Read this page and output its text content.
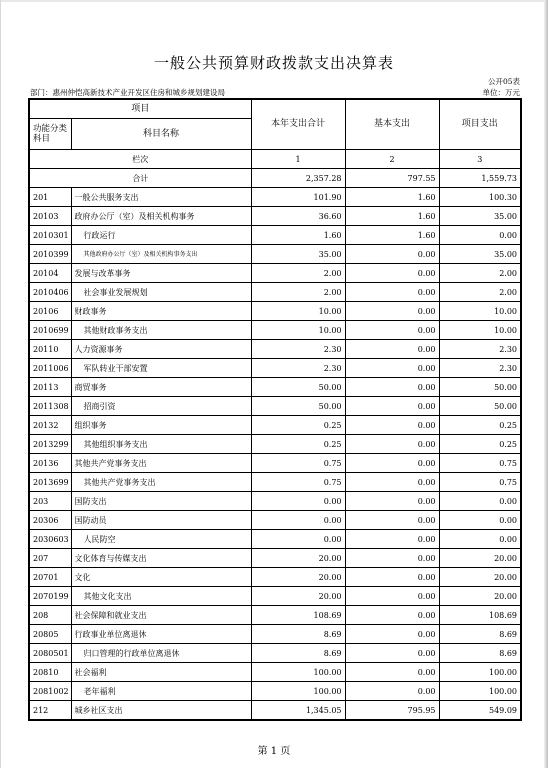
一般公共预算财政拨款支出决算表
公开05表
部门：惠州仲恺高新技术产业开发区住房和城乡规划建设局	单位：万元
项目		本年支出合计	基本支出	项目支出
功能分类科目	科目名称			
栏次		1	2	3
合计		2,357.28	797.55	1,559.73
201	一般公共服务支出	101.90	1.60	100.30
20103	政府办公厅（室）及相关机构事务	36.60	1.60	35.00
2010301	行政运行	1.60	1.60	0.00
2010399	其他政府办公厅（室）及相关机构事务支出	35.00	0.00	35.00
20104	发展与改革事务	2.00	0.00	2.00
2010406	社会事业发展规划	2.00	0.00	2.00
20106	财政事务	10.00	0.00	10.00
2010699	其他财政事务支出	10.00	0.00	10.00
20110	人力资源事务	2.30	0.00	2.30
2011006	军队转业干部安置	2.30	0.00	2.30
20113	商贸事务	50.00	0.00	50.00
2011308	招商引资	50.00	0.00	50.00
20132	组织事务	0.25	0.00	0.25
2013299	其他组织事务支出	0.25	0.00	0.25
20136	其他共产党事务支出	0.75	0.00	0.75
2013699	其他共产党事务支出	0.75	0.00	0.75
203	国防支出	0.00	0.00	0.00
20306	国防动员	0.00	0.00	0.00
2030603	人民防空	0.00	0.00	0.00
207	文化体育与传媒支出	20.00	0.00	20.00
20701	文化	20.00	0.00	20.00
2070199	其他文化支出	20.00	0.00	20.00
208	社会保障和就业支出	108.69	0.00	108.69
20805	行政事业单位离退休	8.69	0.00	8.69
2080501	归口管理的行政单位离退休	8.69	0.00	8.69
20810	社会福利	100.00	0.00	100.00
2081002	老年福利	100.00	0.00	100.00
212	城乡社区支出	1,345.05	795.95	549.09
第 1 页
